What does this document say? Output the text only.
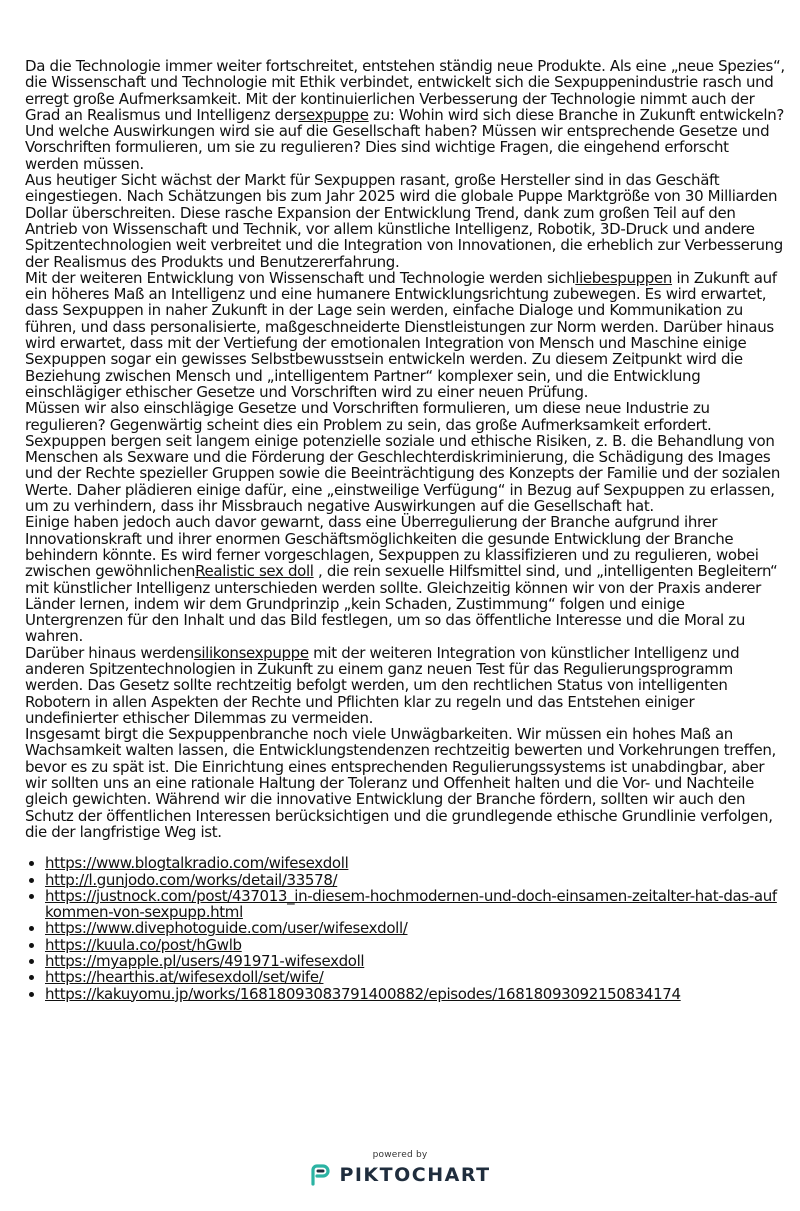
Da die Technologie immer weiter fortschreitet, entstehen ständig neue Produkte. Als eine „neue Spezies“, die Wissenschaft und Technologie mit Ethik verbindet, entwickelt sich die Sexpuppenindustrie rasch und erregt große Aufmerksamkeit. Mit der kontinuierlichen Verbesserung der Technologie nimmt auch der Grad an Realismus und Intelligenz dersexpuppe zu: Wohin wird sich diese Branche in Zukunft entwickeln? Und welche Auswirkungen wird sie auf die Gesellschaft haben? Müssen wir entsprechende Gesetze und Vorschriften formulieren, um sie zu regulieren? Dies sind wichtige Fragen, die eingehend erforscht werden müssen.

Aus heutiger Sicht wächst der Markt für Sexpuppen rasant, große Hersteller sind in das Geschäft eingestiegen. Nach Schätzungen bis zum Jahr 2025 wird die globale Puppe Marktgröße von 30 Milliarden Dollar überschreiten. Diese rasche Expansion der Entwicklung Trend, dank zum großen Teil auf den Antrieb von Wissenschaft und Technik, vor allem künstliche Intelligenz, Robotik, 3D-Druck und andere Spitzentechnologien weit verbreitet und die Integration von Innovationen, die erheblich zur Verbesserung der Realismus des Produkts und Benutzererfahrung.

Mit der weiteren Entwicklung von Wissenschaft und Technologie werden sichliebespuppen in Zukunft auf ein höheres Maß an Intelligenz und eine humanere Entwicklungsrichtung zubewegen. Es wird erwartet, dass Sexpuppen in naher Zukunft in der Lage sein werden, einfache Dialoge und Kommunikation zu führen, und dass personalisierte, maßgeschneiderte Dienstleistungen zur Norm werden. Darüber hinaus wird erwartet, dass mit der Vertiefung der emotionalen Integration von Mensch und Maschine einige Sexpuppen sogar ein gewisses Selbstbewusstsein entwickeln werden. Zu diesem Zeitpunkt wird die Beziehung zwischen Mensch und „intelligentem Partner“ komplexer sein, und die Entwicklung einschlägiger ethischer Gesetze und Vorschriften wird zu einer neuen Prüfung.

Müssen wir also einschlägige Gesetze und Vorschriften formulieren, um diese neue Industrie zu regulieren? Gegenwärtig scheint dies ein Problem zu sein, das große Aufmerksamkeit erfordert.

Sexpuppen bergen seit langem einige potenzielle soziale und ethische Risiken, z. B. die Behandlung von Menschen als Sexware und die Förderung der Geschlechterdiskriminierung, die Schädigung des Images und der Rechte spezieller Gruppen sowie die Beeinträchtigung des Konzepts der Familie und der sozialen Werte. Daher plädieren einige dafür, eine „einstweilige Verfügung“ in Bezug auf Sexpuppen zu erlassen, um zu verhindern, dass ihr Missbrauch negative Auswirkungen auf die Gesellschaft hat.

Einige haben jedoch auch davor gewarnt, dass eine Überregulierung der Branche aufgrund ihrer Innovationskraft und ihrer enormen Geschäftsmöglichkeiten die gesunde Entwicklung der Branche behindern könnte. Es wird ferner vorgeschlagen, Sexpuppen zu klassifizieren und zu regulieren, wobei zwischen gewöhnlichenRealistic sex doll , die rein sexuelle Hilfsmittel sind, und „intelligenten Begleitern“ mit künstlicher Intelligenz unterschieden werden sollte. Gleichzeitig können wir von der Praxis anderer Länder lernen, indem wir dem Grundprinzip „kein Schaden, Zustimmung“ folgen und einige Untergrenzen für den Inhalt und das Bild festlegen, um so das öffentliche Interesse und die Moral zu wahren.

Darüber hinaus werdensilikonsexpuppe mit der weiteren Integration von künstlicher Intelligenz und anderen Spitzentechnologien in Zukunft zu einem ganz neuen Test für das Regulierungsprogramm werden. Das Gesetz sollte rechtzeitig befolgt werden, um den rechtlichen Status von intelligenten Robotern in allen Aspekten der Rechte und Pflichten klar zu regeln und das Entstehen einiger undefinierter ethischer Dilemmas zu vermeiden.

Insgesamt birgt die Sexpuppenbranche noch viele Unwägbarkeiten. Wir müssen ein hohes Maß an Wachsamkeit walten lassen, die Entwicklungstendenzen rechtzeitig bewerten und Vorkehrungen treffen, bevor es zu spät ist. Die Einrichtung eines entsprechenden Regulierungssystems ist unabdingbar, aber wir sollten uns an eine rationale Haltung der Toleranz und Offenheit halten und die Vor- und Nachteile gleich gewichten. Während wir die innovative Entwicklung der Branche fördern, sollten wir auch den Schutz der öffentlichen Interessen berücksichtigen und die grundlegende ethische Grundlinie verfolgen, die der langfristige Weg ist.

• https://www.blogtalkradio.com/wifesexdoll
• http://l.gunjodo.com/works/detail/33578/
• https://justnock.com/post/437013_in-diesem-hochmodernen-und-doch-einsamen-zeitalter-hat-das-aufkommen-von-sexpupp.html
• https://www.divephotoguide.com/user/wifesexdoll/
• https://kuula.co/post/hGwlb
• https://myapple.pl/users/491971-wifesexdoll
• https://hearthis.at/wifesexdoll/set/wife/
• https://kakuyomu.jp/works/16818093083791400882/episodes/16818093092150834174
powered by
PIKTOCHART
